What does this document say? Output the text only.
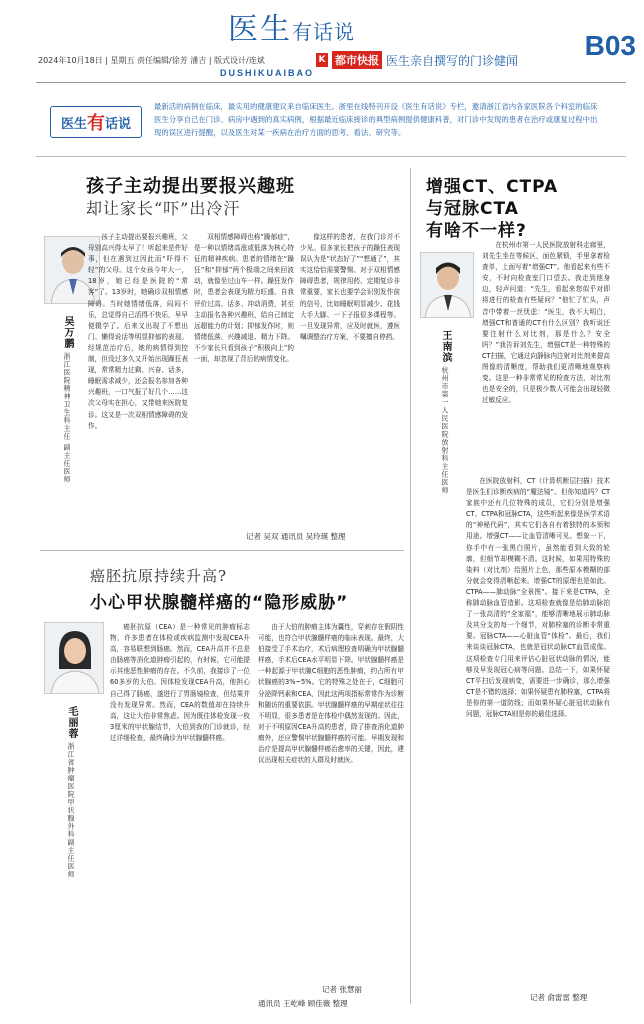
医生有话说	B03
2024年10月18日 | 星期五 责任编辑/徐芳 潘吉 | 版式设计/连斌
DUSHIKUAIBAO
K 都市快报 医生亲自撰写的门诊健闻
医生 有 话说
最新活的病例在临床，最实用的健康建议来自临床医生。浙里在线特刊开设《医生有话说》专栏，邀请浙江省内各家医院各个科室的临床医生分享自己在门诊、病房中遇到的真实病例，根据最近临床接诊的典型病例提供健康科普，对门诊中发现的患者在治疗或康复过程中出现的误区进行提醒，以及医生对某一疾病在治疗方面的思考、看法、研究等。
孩子主动提出要报兴趣班
却让家长“吓”出冷汗
吴万鹏 浙江医院精神卫生科主任 副主任医师
孩子主动提出要报兴趣班，父母别高兴得太早了！听起来是件好事，但在遇到过因此而“吓得不轻”的父母。这个女孩今年大一，18岁，她已经是医院的“常客”了。13岁时，她确诊双相情感障碍。当时她情绪低落，闷闷不乐，总觉得自己活得不快乐，早早便辍学了。后来又出现了不想出门、懒得说话等明显抑郁的表现。经规范治疗后，她的病情得到控制，但没过多久又开始出现躁狂表现，常常精力过剩、兴奋、话多，睡眠需求减少，还会报名参加各种兴趣班，一口气报了好几个……这次父母实在担心，又带她来医院复诊。这又是一次双相情感障碍的发作。
双相情感障碍也称“躁郁症”，是一种以情绪高涨或低落为核心特征的精神疾病。患者的情绪在“躁狂”和“抑郁”两个极端之间来回波动，就像坐过山车一样。躁狂发作时，患者会表现为精力旺盛、自我评价过高、话多、冲动消费，甚至主动报名各种兴趣班，给自己制定远超能力的计划；抑郁发作时，则情绪低落、兴趣减退、精力下降。不少家长只看到孩子“积极向上”的一面，却忽视了背后的病情变化。
像这样的患者，在我门诊并不少见。很多家长把孩子的躁狂表现误认为是“状态好了”“想通了”，其实这恰恰需要警惕。对于双相情感障碍患者，规律用药、定期复诊非常重要，家长也要学会识别发作前的信号，比如睡眠明显减少、花钱大手大脚、一下子报很多课程等。一旦发现异常，应及时就医，遵医嘱调整治疗方案，不要擅自停药。
记者 吴双 通讯员 吴玲瑛 整理
增强CT、CTPA
与冠脉CTA
有啥不一样?
王南滨 杭州市第一人民医院放射科主任医师
在杭州市第一人民医院放射科走廊里，刘先生坐在等候区，面色紧锁，手里拿着检查单，上面写着“增强CT”。他看起来有些不安，不时向检查室门口望去。我走到他身边，轻声问道：“先生，看起来您似乎对即将进行的检查有些疑问？”他忙了忙头，声音中带着一丝忧虑：“医生，我不大明白，增强CT和普通的CT有什么区别？我听说还要注射什么对比剂，那是什么？安全吗？”我告诉刘先生，增强CT是一种特殊的CT扫描，它通过向静脉内注射对比剂来提高图像的清晰度，帮助我们更清晰地观察病变。这是一种非常常见的检查方法，对比剂也是安全的，只是极少数人可能会出现轻微过敏反应。
在医院放射科，CT（计算机断层扫描）技术是医生们诊断疾病的“魔法镜”。但你知道吗？CT家族中还有几位特殊的成员，它们分别是增强CT、CTPA和冠脉CTA，这些听起来像是医学术语的“神秘代码”，其实它们各自有着独特的本领和用途。增强CT——让血管清晰可见。想象一下，你手中有一张黑白照片，虽然能看到大致的轮廓，但细节却模糊不清。这时候，如果用特殊的染料（对比剂）给照片上色，那些原本模糊的部分就会变得清晰起来。增强CT的原理也是如此。CTPA——肺动脉“全景图”。接下来是CTPA，全称肺动脉血管造影。这项检查就像是给肺动脉拍了一张高清的“全家福”，能够清晰地展示肺动脉及其分支的每一个细节，对肺栓塞的诊断非常重要。冠脉CTA——心脏血管“体检”。最后，我们来谈谈冠脉CTA，也就是冠状动脉CT血管成像。这项检查专门用来评估心脏冠状动脉的情况，能够及早发现冠心病等问题。总结一下，如果怀疑CT平扫后发现病变，需要进一步确诊，那么增强CT是不错的选择；如果怀疑患有肺栓塞，CTPA将是你的第一道防线；而如果怀疑心脏冠状动脉有问题，冠脉CTA则是你的最佳选择。
记者 俞雷雷 整理
癌胚抗原持续升高?
小心甲状腺髓样癌的“隐形威胁”
毛丽蓉 浙江省肿瘤医院甲状腺外科副主任医师
癌胚抗原（CEA）是一种常见的肿瘤标志物，许多患者在体检或疾病监测中发现CEA升高，容易联想到肠癌。然而，CEA升高并不总是由肠癌等消化道肿瘤引起的，有时候，它可能提示其他恶性肿瘤的存在。不久前，我接诊了一位60多岁的大伯。因体检发现CEA升高，他担心自己得了肠癌，遂进行了胃肠镜检查，但结果并没有发现异常。然而，CEA的数值却在持续升高，这让大伯非常焦虑。因为既往体检发现一枚3厘米的甲状腺结节，大伯到我的门诊就诊，经过详细检查，最终确诊为甲状腺髓样癌。
由于大伯的肿瘤主体为囊性，穿刺存在假阴性可能，也符合甲状腺髓样癌的临床表现。最终，大伯接受了手术治疗，术后病理检查明确为甲状腺髓样癌，手术后CEA水平明显下降。甲状腺髓样癌是一种起源于甲状腺C细胞的恶性肿瘤，约占所有甲状腺癌的3%~5%。它的特殊之处在于，C细胞可分泌降钙素和CEA，因此这两项指标常常作为诊断和随访的重要依据。甲状腺髓样癌的早期症状往往不明显，很多患者是在体检中偶然发现的。因此，对于不明原因CEA升高的患者，除了排查消化道肿瘤外，还应警惕甲状腺髓样癌的可能。早期发现和治疗是提高甲状腺髓样癌治愈率的关键，因此，建议出现相关症状的人群及时就医。
记者 张慧丽
通讯员 王屹峰 顾佳薇 整理
